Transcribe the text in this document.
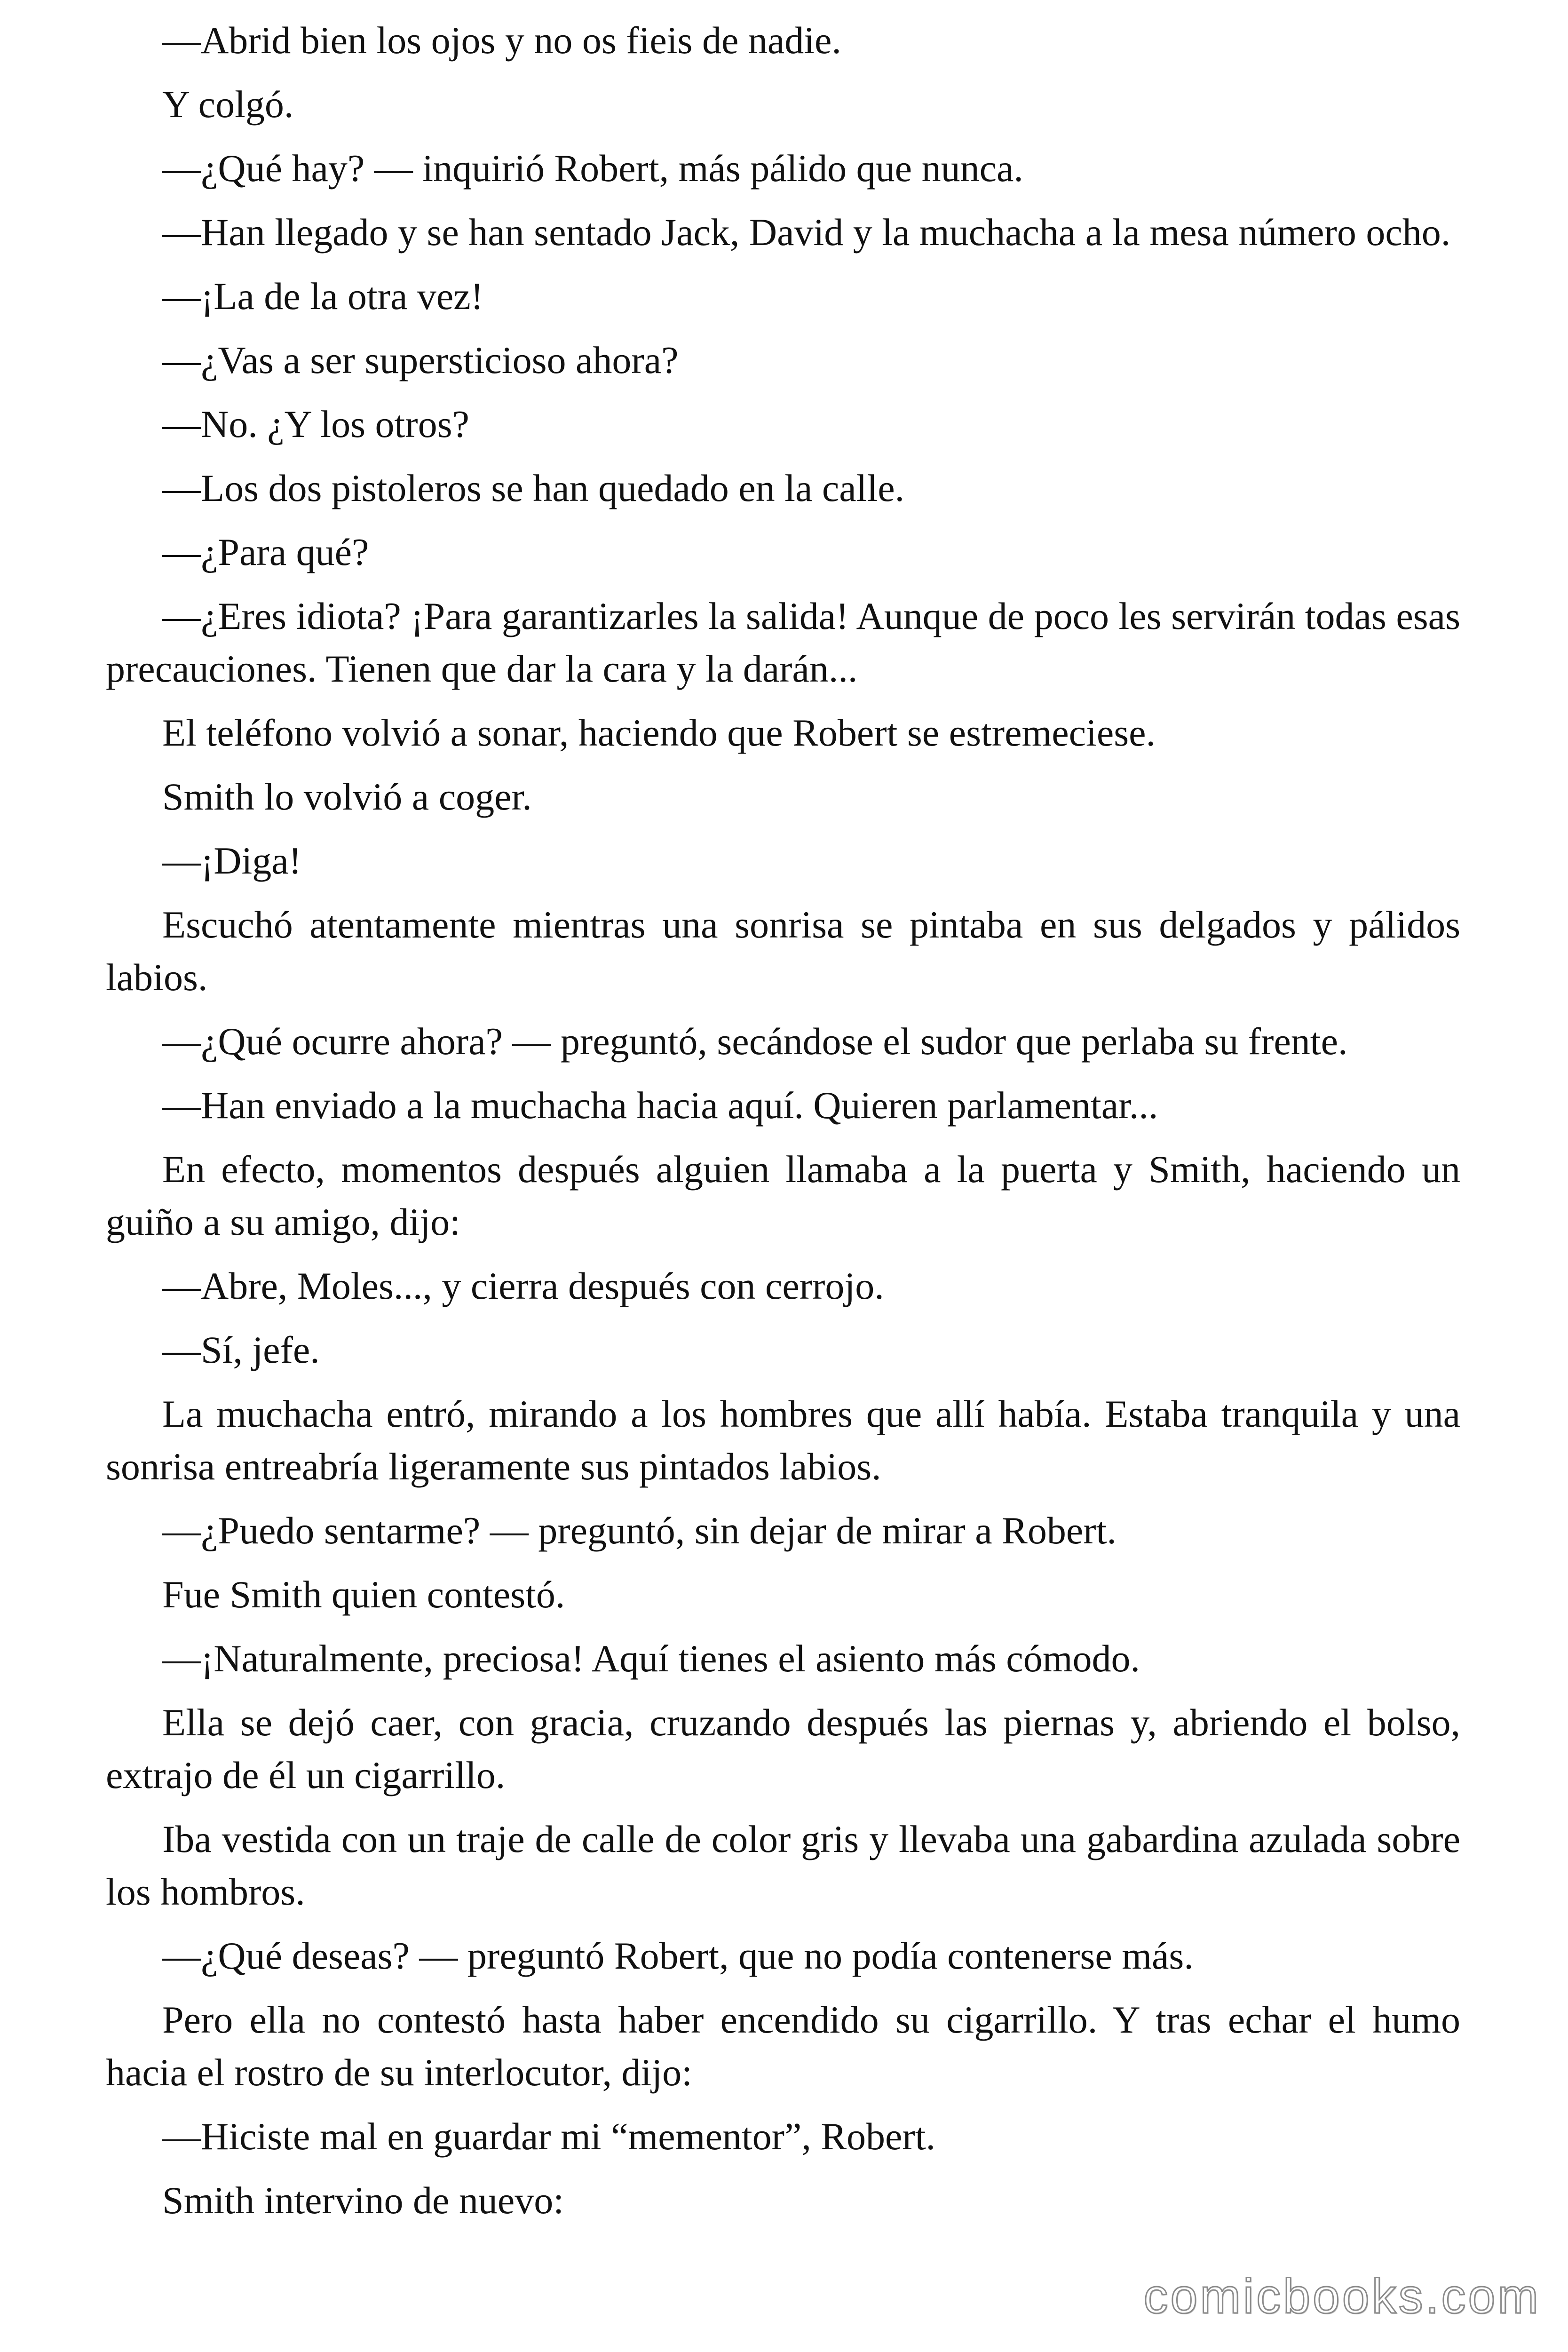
—Abrid bien los ojos y no os fieis de nadie.

Y colgó.

—¿Qué hay? — inquirió Robert, más pálido que nunca.

—Han llegado y se han sentado Jack, David y la muchacha a la mesa número ocho.

—¡La de la otra vez!

—¿Vas a ser supersticioso ahora?

—No. ¿Y los otros?

—Los dos pistoleros se han quedado en la calle.

—¿Para qué?

—¿Eres idiota? ¡Para garantizarles la salida! Aunque de poco les servirán todas esas precauciones. Tienen que dar la cara y la darán...

El teléfono volvió a sonar, haciendo que Robert se estremeciese.

Smith lo volvió a coger.

—¡Diga!

Escuchó atentamente mientras una sonrisa se pintaba en sus delgados y pálidos labios.

—¿Qué ocurre ahora? — preguntó, secándose el sudor que perlaba su frente.

—Han enviado a la muchacha hacia aquí. Quieren parlamentar...

En efecto, momentos después alguien llamaba a la puerta y Smith, haciendo un guiño a su amigo, dijo:

—Abre, Moles..., y cierra después con cerrojo.

—Sí, jefe.

La muchacha entró, mirando a los hombres que allí había. Estaba tranquila y una sonrisa entreabría ligeramente sus pintados labios.

—¿Puedo sentarme? — preguntó, sin dejar de mirar a Robert.

Fue Smith quien contestó.

—¡Naturalmente, preciosa! Aquí tienes el asiento más cómodo.

Ella se dejó caer, con gracia, cruzando después las piernas y, abriendo el bolso, extrajo de él un cigarrillo.

Iba vestida con un traje de calle de color gris y llevaba una gabardina azulada sobre los hombros.

—¿Qué deseas? — preguntó Robert, que no podía contenerse más.

Pero ella no contestó hasta haber encendido su cigarrillo. Y tras echar el humo hacia el rostro de su interlocutor, dijo:

—Hiciste mal en guardar mi “mementor”, Robert.

Smith intervino de nuevo:

comicbooks.com
